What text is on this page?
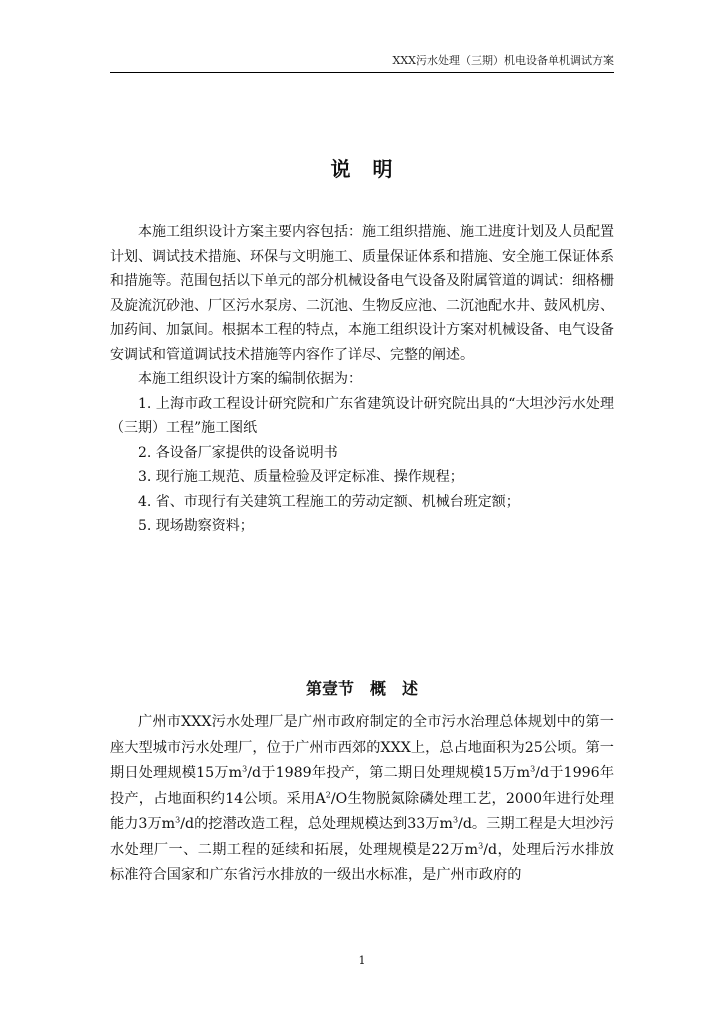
XXX污水处理（三期）机电设备单机调试方案
说　明

本施工组织设计方案主要内容包括：施工组织措施、施工进度计划及人员配置计划、调试技术措施、环保与文明施工、质量保证体系和措施、安全施工保证体系和措施等。范围包括以下单元的部分机械设备电气设备及附属管道的调试：细格栅及旋流沉砂池、厂区污水泵房、二沉池、生物反应池、二沉池配水井、鼓风机房、加药间、加氯间。根据本工程的特点，本施工组织设计方案对机械设备、电气设备安调试和管道调试技术措施等内容作了详尽、完整的阐述。

本施工组织设计方案的编制依据为：

1. 上海市政工程设计研究院和广东省建筑设计研究院出具的“大坦沙污水处理（三期）工程”施工图纸

2. 各设备厂家提供的设备说明书

3. 现行施工规范、质量检验及评定标准、操作规程；

4. 省、市现行有关建筑工程施工的劳动定额、机械台班定额；

5. 现场勘察资料；

第壹节　概　述

广州市XXX污水处理厂是广州市政府制定的全市污水治理总体规划中的第一座大型城市污水处理厂，位于广州市西郊的XXX上，总占地面积为25公顷。第一期日处理规模15万$m^3/d$于1989年投产，第二期日处理规模15万$m^3/d$于1996年投产，占地面积约14公顷。采用$A^2/O$生物脱氮除磷处理工艺，2000年进行处理能力3万$m^3/d$的挖潜改造工程，总处理规模达到33万$m^3/d$。三期工程是大坦沙污水处理厂一、二期工程的延续和拓展，处理规模是22万$m^3/d$，处理后污水排放标准符合国家和广东省污水排放的一级出水标准，是广州市政府的

1
